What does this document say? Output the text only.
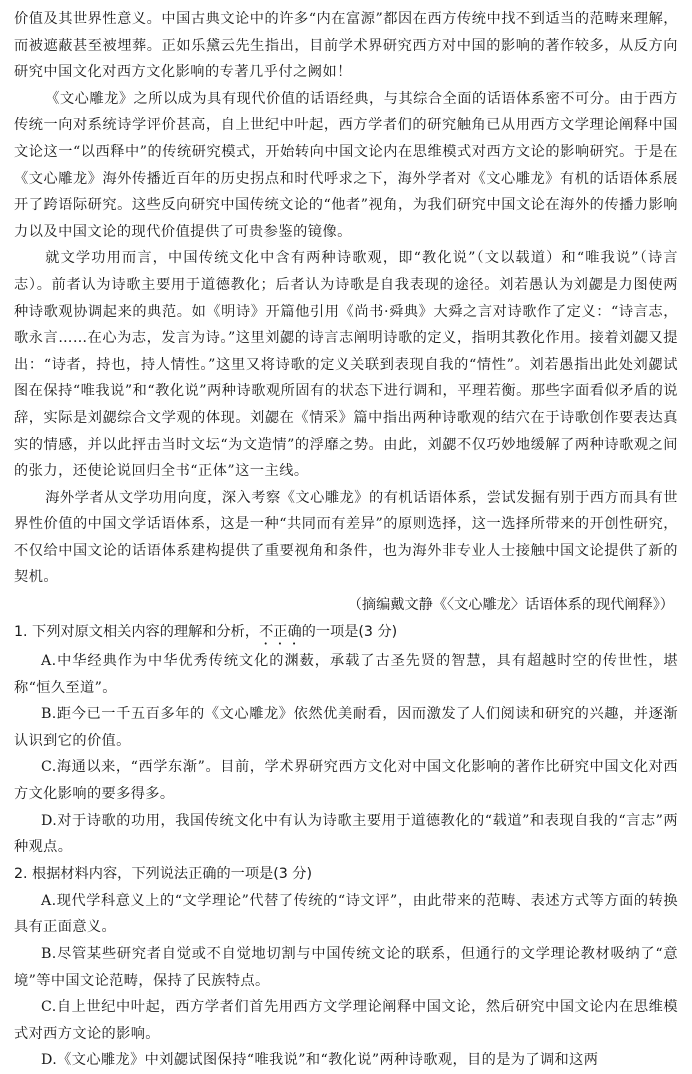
价值及其世界性意义。中国古典文论中的许多“内在富源”都因在西方传统中找不到适当的范畴来理解，而被遮蔽甚至被埋葬。正如乐黛云先生指出，目前学术界研究西方对中国的影响的著作较多，从反方向研究中国文化对西方文化影响的专著几乎付之阙如！

《文心雕龙》之所以成为具有现代价值的话语经典，与其综合全面的话语体系密不可分。由于西方传统一向对系统诗学评价甚高，自上世纪中叶起，西方学者们的研究触角已从用西方文学理论阐释中国文论这一“以西释中”的传统研究模式，开始转向中国文论内在思维模式对西方文论的影响研究。于是在《文心雕龙》海外传播近百年的历史拐点和时代呼求之下，海外学者对《文心雕龙》有机的话语体系展开了跨语际研究。这些反向研究中国传统文论的“他者”视角，为我们研究中国文论在海外的传播力影响力以及中国文论的现代价值提供了可贵参鉴的镜像。

就文学功用而言，中国传统文化中含有两种诗歌观，即“教化说”（文以载道）和“唯我说”（诗言志）。前者认为诗歌主要用于道德教化；后者认为诗歌是自我表现的途径。刘若愚认为刘勰是力图使两种诗歌观协调起来的典范。如《明诗》开篇他引用《尚书·舜典》大舜之言对诗歌作了定义：“诗言志，歌永言……在心为志，发言为诗。”这里刘勰的诗言志阐明诗歌的定义，指明其教化作用。接着刘勰又提出：“诗者，持也，持人情性。”这里又将诗歌的定义关联到表现自我的“情性”。刘若愚指出此处刘勰试图在保持“唯我说”和“教化说”两种诗歌观所固有的状态下进行调和，平理若衡。那些字面看似矛盾的说辞，实际是刘勰综合文学观的体现。刘勰在《情采》篇中指出两种诗歌观的结穴在于诗歌创作要表达真实的情感，并以此抨击当时文坛“为文造情”的浮靡之势。由此，刘勰不仅巧妙地缓解了两种诗歌观之间的张力，还使论说回归全书“正体”这一主线。

海外学者从文学功用向度，深入考察《文心雕龙》的有机话语体系，尝试发掘有别于西方而具有世界性价值的中国文学话语体系，这是一种“共同而有差异”的原则选择，这一选择所带来的开创性研究，不仅给中国文论的话语体系建构提供了重要视角和条件，也为海外非专业人士接触中国文论提供了新的契机。

（摘编戴文静《〈文心雕龙〉话语体系的现代阐释》）

1. 下列对原文相关内容的理解和分析，不正确的一项是(3 分)

A.中华经典作为中华优秀传统文化的渊薮，承载了古圣先贤的智慧，具有超越时空的传世性，堪称“恒久至道”。

B.距今已一千五百多年的《文心雕龙》依然优美耐看，因而激发了人们阅读和研究的兴趣，并逐渐认识到它的价值。

C.海通以来，“西学东渐”。目前，学术界研究西方文化对中国文化影响的著作比研究中国文化对西方文化影响的要多得多。

D.对于诗歌的功用，我国传统文化中有认为诗歌主要用于道德教化的“载道”和表现自我的“言志”两种观点。

2. 根据材料内容，下列说法正确的一项是(3 分)

A.现代学科意义上的“文学理论”代替了传统的“诗文评”，由此带来的范畴、表述方式等方面的转换具有正面意义。

B.尽管某些研究者自觉或不自觉地切割与中国传统文论的联系，但通行的文学理论教材吸纳了“意境”等中国文论范畴，保持了民族特点。

C.自上世纪中叶起，西方学者们首先用西方文学理论阐释中国文论，然后研究中国文论内在思维模式对西方文论的影响。

D.《文心雕龙》中刘勰试图保持“唯我说”和“教化说”两种诗歌观，目的是为了调和这两
